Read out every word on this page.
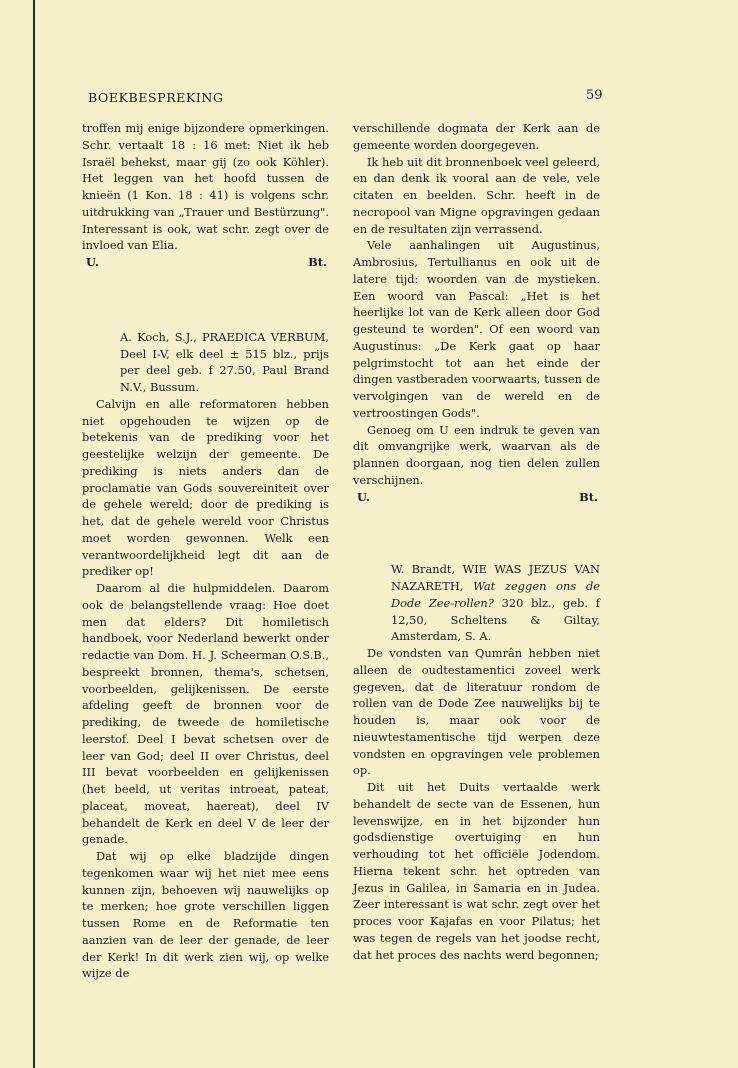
BOEKBESPREKING	59

troffen mij enige bijzondere opmerkingen. Schr. vertaalt 18 : 16 met: Niet ik heb Israël behekst, maar gij (zo ook Köhler). Het leggen van het hoofd tussen de knieën (1 Kon. 18 : 41) is volgens schr. uitdrukking van „Trauer und Bestürzung". Interessant is ook, wat schr. zegt over de invloed van Elia.

U.	Bt.

A. Koch, S.J., PRAEDICA VERBUM, Deel I-V, elk deel ± 515 blz., prijs per deel geb. f 27.50, Paul Brand N.V., Bussum.

Calvijn en alle reformatoren hebben niet opgehouden te wijzen op de betekenis van de prediking voor het geestelijke welzijn der gemeente. De prediking is niets anders dan de proclamatie van Gods souvereiniteit over de gehele wereld; door de prediking is het, dat de gehele wereld voor Christus moet worden gewonnen. Welk een verantwoordelijkheid legt dit aan de prediker op!

Daarom al die hulpmiddelen. Daarom ook de belangstellende vraag: Hoe doet men dat elders? Dit homiletisch handboek, voor Nederland bewerkt onder redactie van Dom. H. J. Scheerman O.S.B., bespreekt bronnen, thema's, schetsen, voorbeelden, gelijkenissen. De eerste afdeling geeft de bronnen voor de prediking, de tweede de homiletische leerstof. Deel I bevat schetsen over de leer van God; deel II over Christus, deel III bevat voorbeelden en gelijkenissen (het beeld, ut veritas introeat, pateat, placeat, moveat, haereat), deel IV behandelt de Kerk en deel V de leer der genade.

Dat wij op elke bladzijde dingen tegenkomen waar wij het niet mee eens kunnen zijn, behoeven wij nauwelijks op te merken; hoe grote verschillen liggen tussen Rome en de Reformatie ten aanzien van de leer der genade, de leer der Kerk! In dit werk zien wij, op welke wijze de

verschillende dogmata der Kerk aan de gemeente worden doorgegeven.

Ik heb uit dit bronnenboek veel geleerd, en dan denk ik vooral aan de vele, vele citaten en beelden. Schr. heeft in de necropool van Migne opgravingen gedaan en de resultaten zijn verrassend.

Vele aanhalingen uit Augustinus, Ambrosius, Tertullianus en ook uit de latere tijd: woorden van de mystieken. Een woord van Pascal: „Het is het heerlijke lot van de Kerk alleen door God gesteund te worden". Of een woord van Augustinus: „De Kerk gaat op haar pelgrimstocht tot aan het einde der dingen vastberaden voorwaarts, tussen de vervolgingen van de wereld en de vertroostingen Gods".

Genoeg om U een indruk te geven van dit omvangrijke werk, waarvan als de plannen doorgaan, nog tien delen zullen verschijnen.

U.	Bt.

W. Brandt, WIE WAS JEZUS VAN NAZARETH, Wat zeggen ons de Dode Zee-rollen? 320 blz., geb. f 12,50, Scheltens & Giltay, Amsterdam, S. A.

De vondsten van Qumrân hebben niet alleen de oudtestamentici zoveel werk gegeven, dat de literatuur rondom de rollen van de Dode Zee nauwelijks bij te houden is, maar ook voor de nieuwtestamentische tijd werpen deze vondsten en opgravingen vele problemen op.

Dit uit het Duits vertaalde werk behandelt de secte van de Essenen, hun levenswijze, en in het bijzonder hun godsdienstige overtuiging en hun verhouding tot het officiële Jodendom. Hierna tekent schr. het optreden van Jezus in Galilea, in Samaria en in Judea. Zeer interessant is wat schr. zegt over het proces voor Kajafas en voor Pilatus; het was tegen de regels van het joodse recht, dat het proces des nachts werd begonnen;
